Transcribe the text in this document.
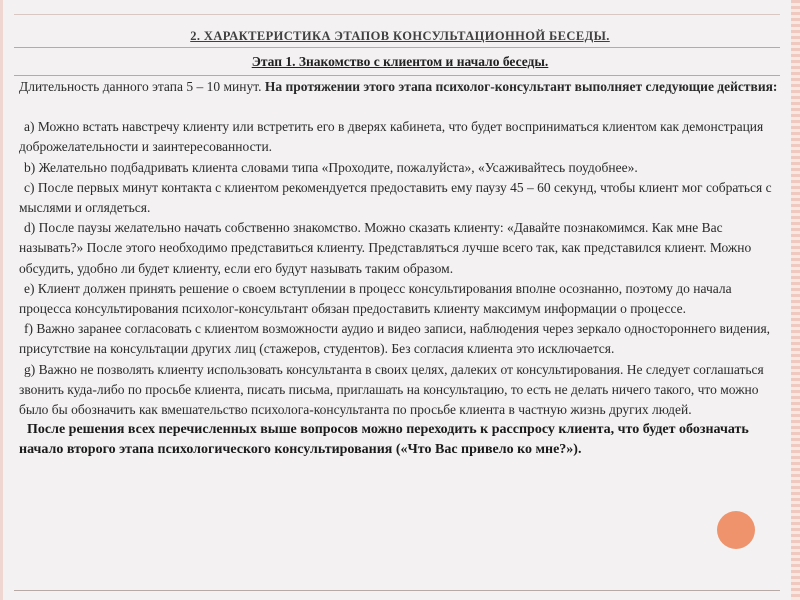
2. ХАРАКТЕРИСТИКА ЭТАПОВ КОНСУЛЬТАЦИОННОЙ БЕСЕДЫ.
Этап 1. Знакомство с клиентом и начало беседы.

Длительность данного этапа 5 – 10 минут. На протяжении этого этапа психолог-консультант выполняет следующие действия:

а) Можно встать навстречу клиенту или встретить его в дверях кабинета, что будет восприниматься клиентом как демонстрация доброжелательности и заинтересованности.

b) Желательно подбадривать клиента словами типа «Проходите, пожалуйста», «Усаживайтесь поудобнее».

с) После первых минут контакта с клиентом рекомендуется предоставить ему паузу 45 – 60 секунд, чтобы клиент мог собраться с мыслями и оглядеться.

d) После паузы желательно начать собственно знакомство. Можно сказать клиенту: «Давайте познакомимся. Как мне Вас называть?» После этого необходимо представиться клиенту. Представляться лучше всего так, как представился клиент. Можно обсудить, удобно ли будет клиенту, если его будут называть таким образом.

е) Клиент должен принять решение о своем вступлении в процесс консультирования вполне осознанно, поэтому до начала процесса консультирования психолог-консультант обязан предоставить клиенту максимум информации о процессе.

f) Важно заранее согласовать с клиентом возможности аудио и видео записи, наблюдения через зеркало одностороннего видения, присутствие на консультации других лиц (стажеров, студентов). Без согласия клиента это исключается.

g) Важно не позволять клиенту использовать консультанта в своих целях, далеких от консультирования. Не следует соглашаться звонить куда-либо по просьбе клиента, писать письма, приглашать на консультацию, то есть не делать ничего такого, что можно было бы обозначить как вмешательство психолога-консультанта по просьбе клиента в частную жизнь других людей.

После решения всех перечисленных выше вопросов можно переходить к расспросу клиента, что будет обозначать начало второго этапа психологического консультирования («Что Вас привело ко мне?»).
